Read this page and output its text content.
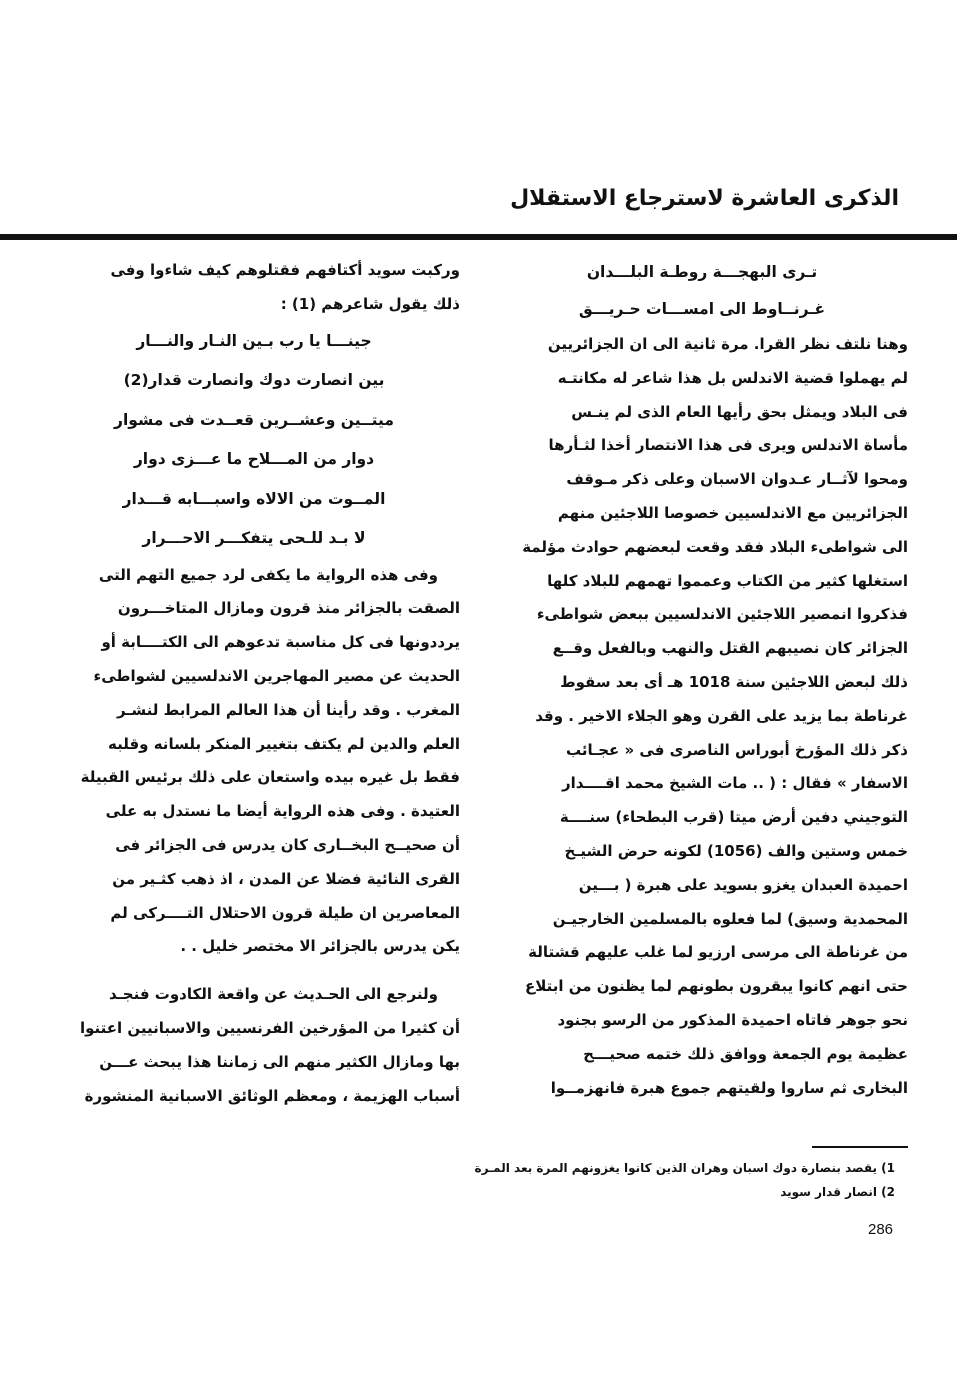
الذكرى العاشرة لاسترجاع الاستقلال

تـرى البهجـــة روطـة البلـــدان

غـرنــاوط الى امســـات حـريـــق

وهنا نلتف نظر القرا. مرة ثانية الى ان الجزائريين

لم يهملوا قضية الاندلس بل هذا شاعر له مكانتـه

فى البلاد ويمثل بحق رأيها العام الذى لم ينـس

مأساة الاندلس ويرى فى هذا الانتصار أخذا لثـأرها

ومحوا لآثــار عـدوان الاسبان وعلى ذكر مـوقف

الجزائريين مع الاندلسيين خصوصا اللاجئين منهم

الى شواطىء البلاد فقد وقعت لبعضهم حوادث مؤلمة

استغلها كثير من الكتاب وعمموا تهمهم للبلاد كلها

فذكروا انمصير اللاجئين الاندلسيين ببعض شواطىء

الجزائر كان نصيبهم القتل والنهب وبالفعل وقــع

ذلك لبعض اللاجئين سنة 1018 هـ أى بعد سقوط

غرناطة بما يزيد على القرن وهو الجلاء الاخير . وقد

ذكر ذلك المؤرخ أبوراس الناصرى فى « عجـائب

الاسفار » فقال : ( .. مات الشيخ محمد اقــــدار

التوجيني دفين أرض ميتا (قرب البطحاء) سنــــة

خمس وستين والف (1056) لكونه حرض الشيـخ

احميدة العبدان يغزو بسويد على هبرة ( بـــين

المحمدية وسيق) لما فعلوه بالمسلمين الخارجيـن

من غرناطة الى مرسى ارزيو لما غلب عليهم قشتالة

حتى انهم كانوا يبقرون بطونهم لما يظنون من ابتلاع

نحو جوهر فاتاه احميدة المذكور من الرسو بجنود

عظيمة يوم الجمعة ووافق ذلك ختمه صحيـــح

البخارى ثم ساروا ولقيتهم جموع هبرة فانهزمــوا

وركبت سويد أكتافهم فقتلوهم كيف شاءوا وفى

ذلك يقول شاعرهم (1) :

جينـــا يا رب بـين النـار والنـــار

بين انصارت دوك وانصارت قدار(2)

ميتــين وعشــرين قعــدت فى مشوار

دوار من المـــلاح ما عـــزى دوار

المــوت من الالاه واسبـــابه قـــدار

لا بـد للـحى يتفكـــر الاحـــرار

وفى هذه الرواية ما يكفى لرد جميع التهم التى

الصقت بالجزائر منذ قرون ومازال المتاخـــرون

يرددونها فى كل مناسبة تدعوهم الى الكتــــابة أو

الحديث عن مصير المهاجرين الاندلسيين لشواطىء

المغرب . وقد رأينا أن هذا العالم المرابط لنشـر

العلم والدين لم يكتف بتغيير المنكر بلسانه وقلبه

فقط بل غيره بيده واستعان على ذلك برئيس القبيلة

العتيدة . وفى هذه الرواية أيضا ما نستدل به على

أن صحيــح البخــارى كان يدرس فى الجزائر فى

القرى النائية فضلا عن المدن ، اذ ذهب كثـير من

المعاصرين ان طيلة قرون الاحتلال التــــركى لم

يكن يدرس بالجزائر الا مختصر خليل . .

ولنرجع الى الحـديث عن واقعة الكادوت فنجـد

أن كثيرا من المؤرخين الفرنسيين والاسبانيين اعتنوا

بها ومازال الكثير منهم الى زماننا هذا يبحث عـــن

أسباب الهزيمة ، ومعظم الوثائق الاسبانية المنشورة

1) يقصد بنصارة دوك اسبان وهران الذين كانوا يغزونهم المرة بعد المـرة

2) انصار قدار سويد

286
